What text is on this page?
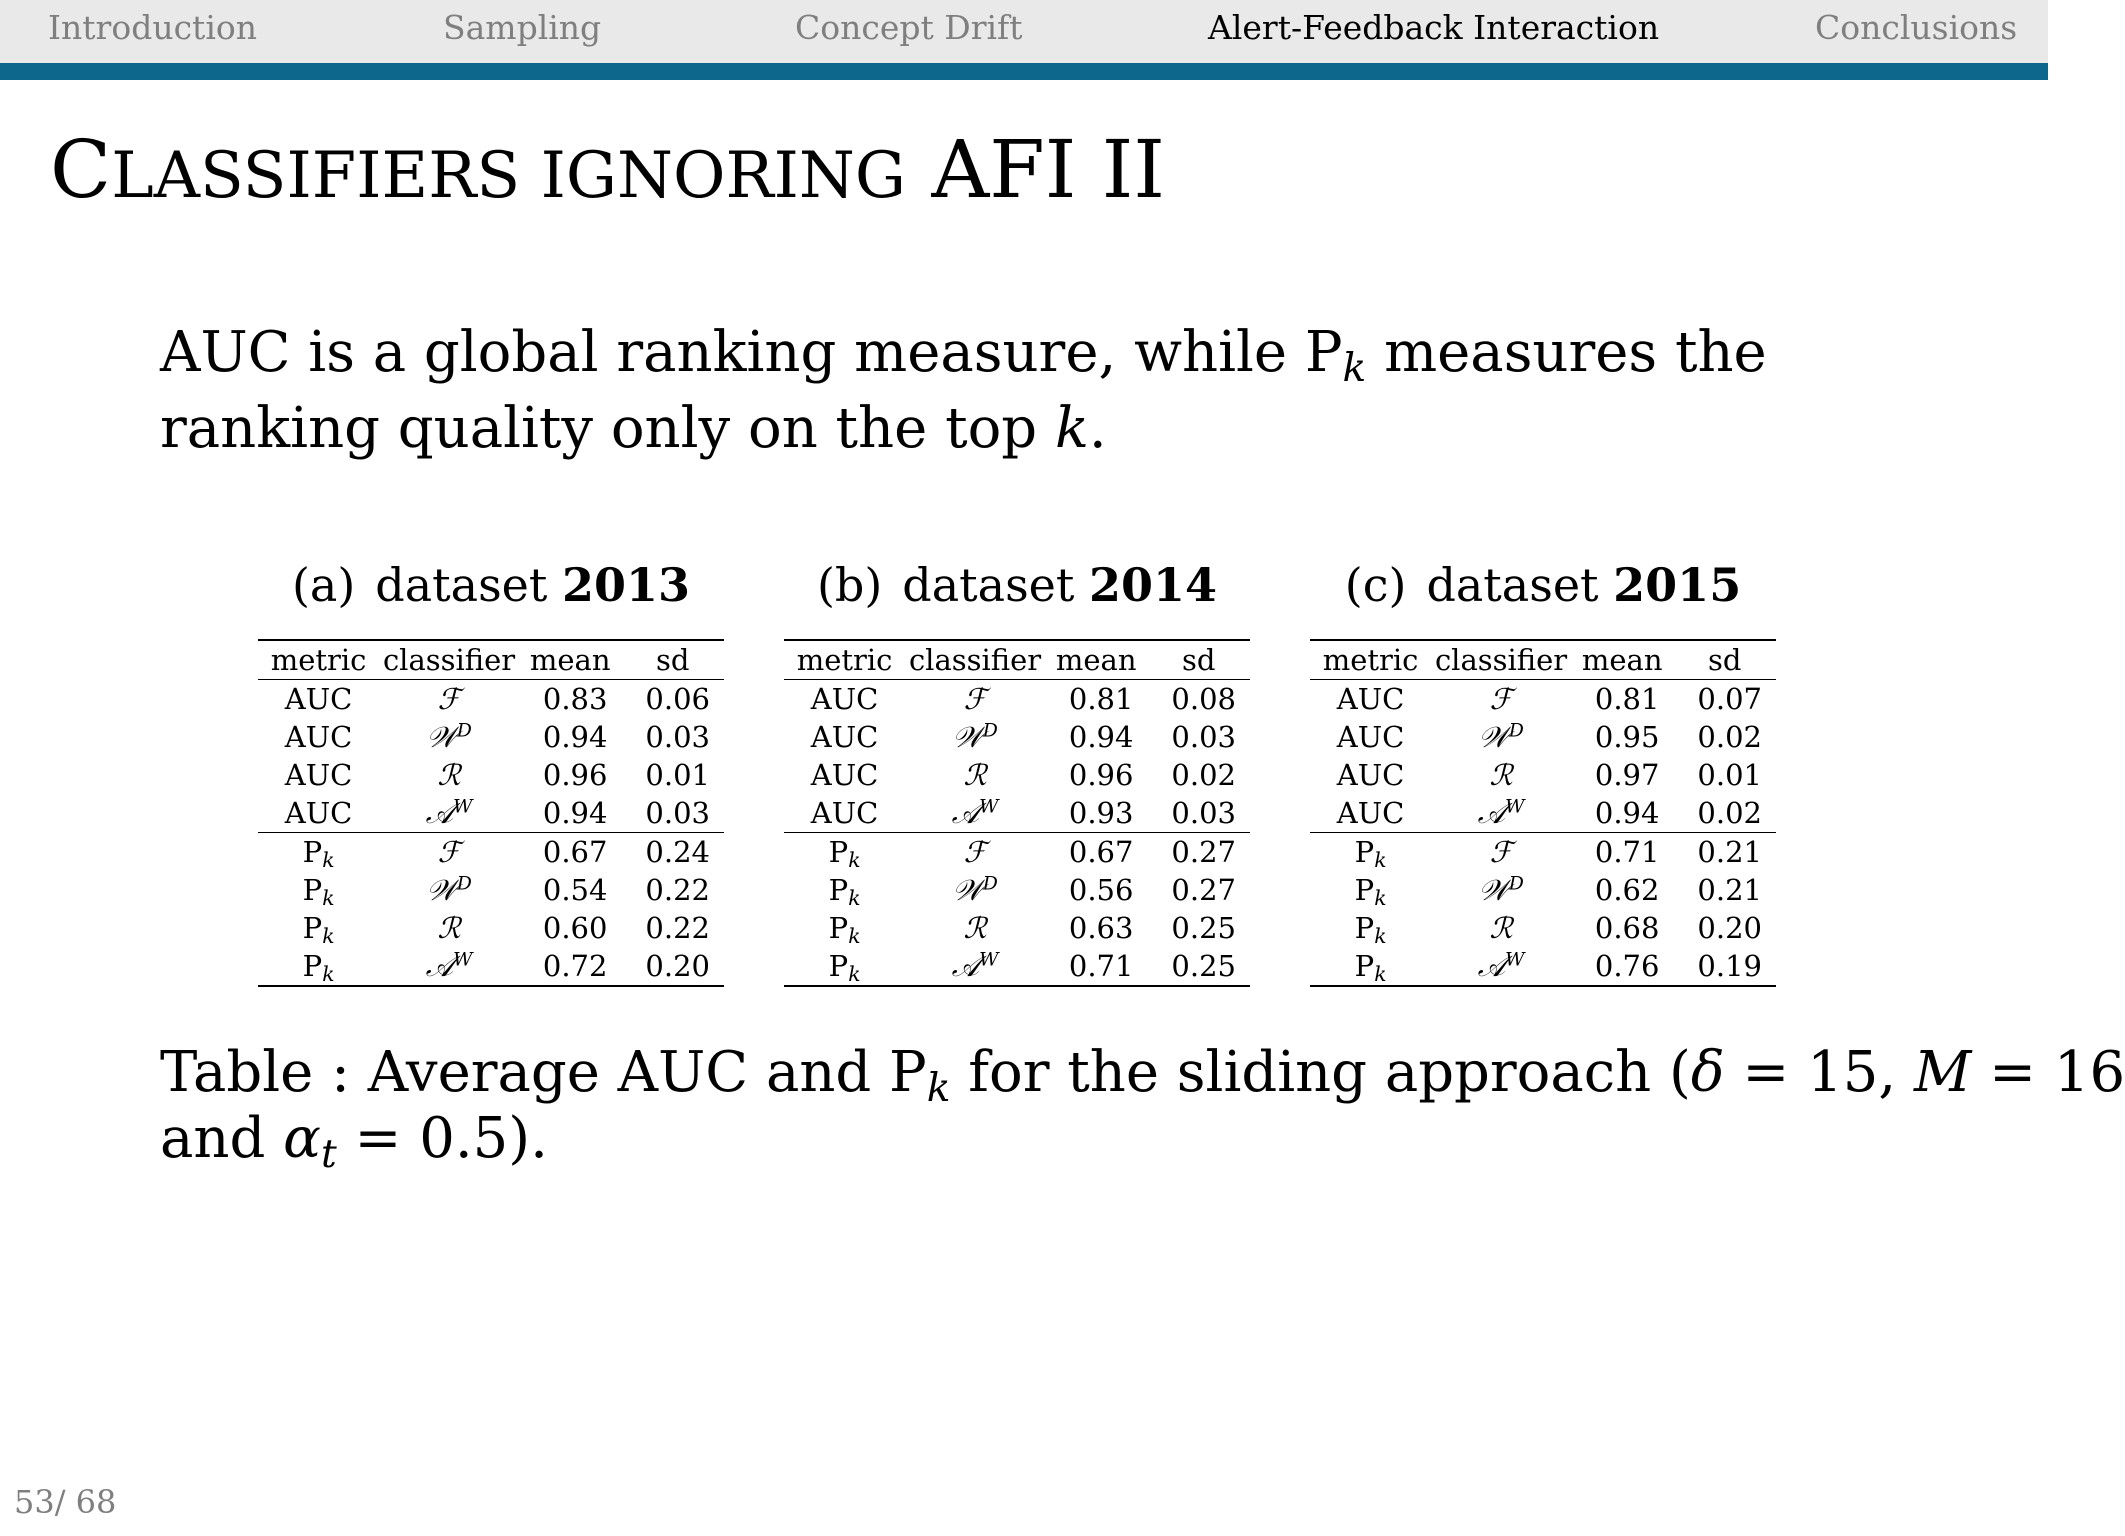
Introduction	Sampling	Concept Drift	Alert-Feedback Interaction	Conclusions
CLASSIFIERS IGNORING AFI II

AUC is a global ranking measure, while $P_k$ measures the
ranking quality only on the top k.

(a) dataset 2013
metric	classifier	mean	sd
AUC	ℱ	0.83	0.06
AUC	𝒲$^D$	0.94	0.03
AUC	ℛ	0.96	0.01
AUC	𝒜$^W$	0.94	0.03
$P_k$	ℱ	0.67	0.24
$P_k$	𝒲$^D$	0.54	0.22
$P_k$	ℛ	0.60	0.22
$P_k$	𝒜$^W$	0.72	0.20
(b) dataset 2014
metric	classifier	mean	sd
AUC	ℱ	0.81	0.08
AUC	𝒲$^D$	0.94	0.03
AUC	ℛ	0.96	0.02
AUC	𝒜$^W$	0.93	0.03
$P_k$	ℱ	0.67	0.27
$P_k$	𝒲$^D$	0.56	0.27
$P_k$	ℛ	0.63	0.25
$P_k$	𝒜$^W$	0.71	0.25
(c) dataset 2015
metric	classifier	mean	sd
AUC	ℱ	0.81	0.07
AUC	𝒲$^D$	0.95	0.02
AUC	ℛ	0.97	0.01
AUC	𝒜$^W$	0.94	0.02
$P_k$	ℱ	0.71	0.21
$P_k$	𝒲$^D$	0.62	0.21
$P_k$	ℛ	0.68	0.20
$P_k$	𝒜$^W$	0.76	0.19

Table : Average AUC and $P_k$ for the sliding approach (δ = 15, M = 16
and $\alpha_t = 0.5$).

53/ 68
